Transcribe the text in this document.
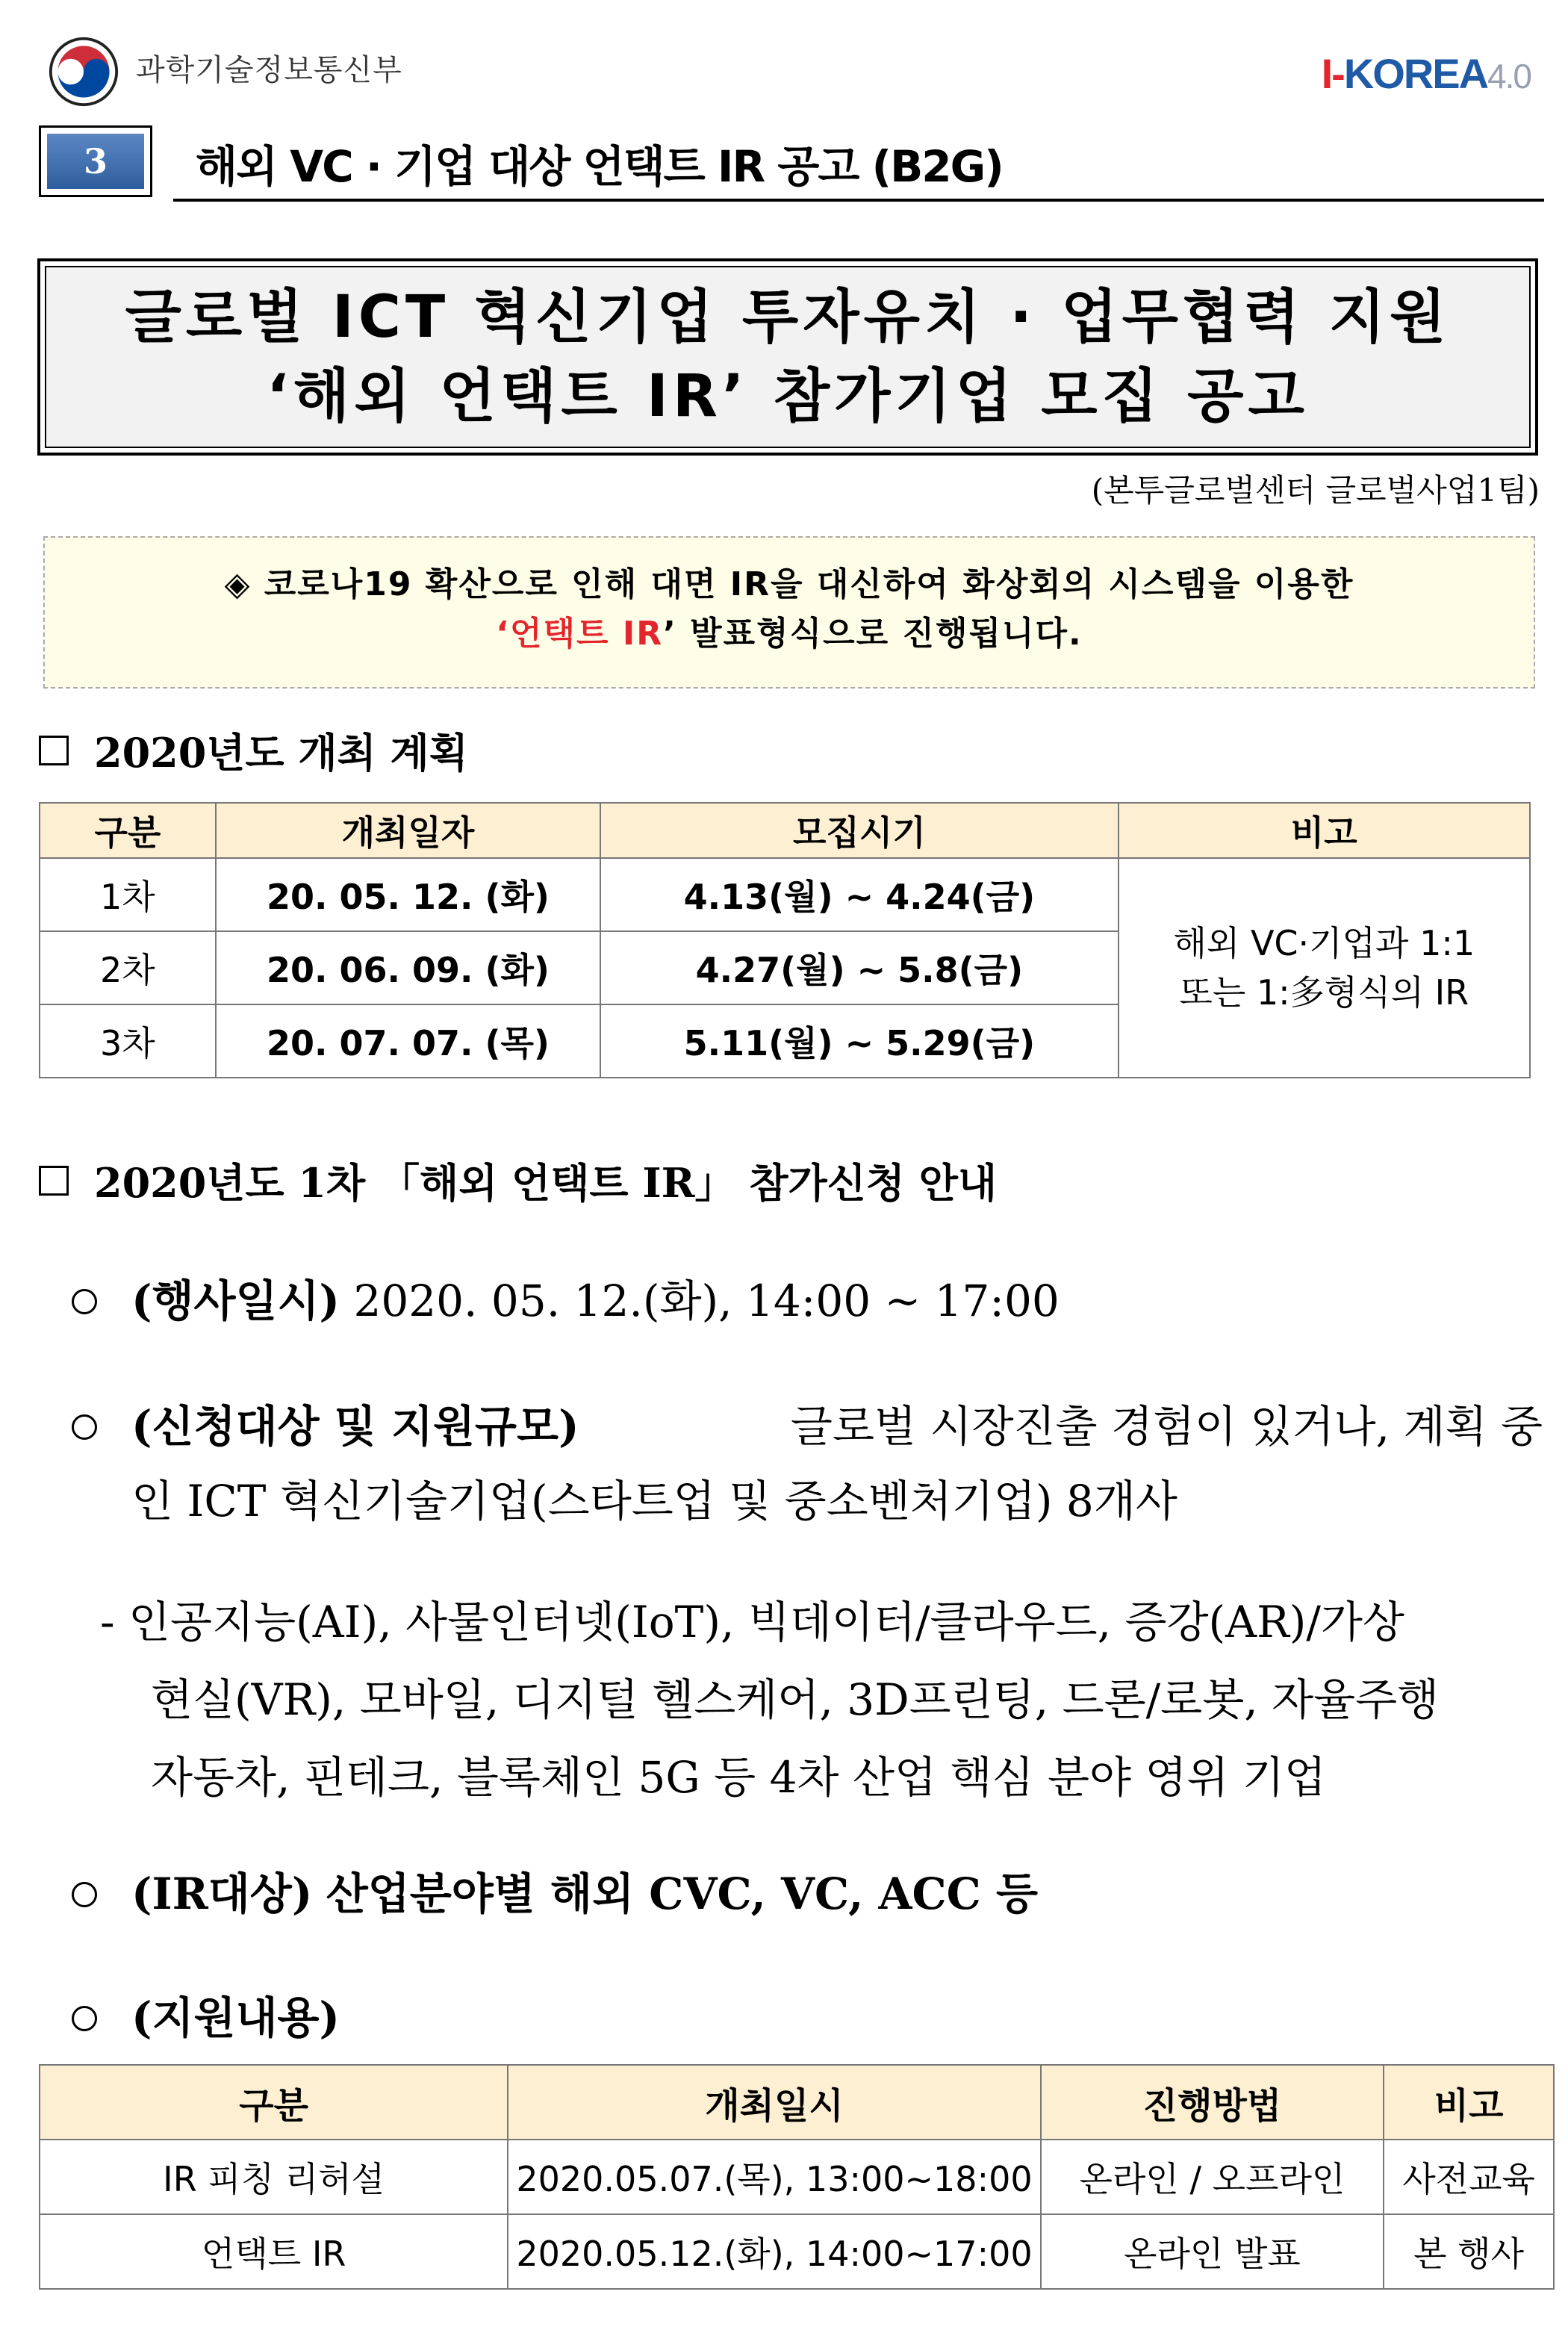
과학기술정보통신부	I-KOREA4.0
3	해외 VC · 기업 대상 언택트 IR 공고 (B2G)
글로벌 ICT 혁신기업 투자유치 · 업무협력 지원
‘해외 언택트 IR’ 참가기업 모집 공고
(본투글로벌센터 글로벌사업1팀)
◈ 코로나19 확산으로 인해 대면 IR을 대신하여 화상회의 시스템을 이용한
‘언택트 IR’ 발표형식으로 진행됩니다.
2020년도 개최 계획
구분	개최일자	모집시기	비고
1차	20. 05. 12. (화)	4.13(월) ~ 4.24(금)	해외 VC·기업과 1:1
또는 1:多형식의 IR

2차	20. 06. 09. (화)	4.27(월) ~ 5.8(금)	
3차	20. 07. 07. (목)	5.11(월) ~ 5.29(금)	
2020년도 1차 「해외 언택트 IR」 참가신청 안내
(행사일시) 2020. 05. 12.(화), 14:00 ~ 17:00
(신청대상 및 지원규모)	글로벌 시장진출 경험이 있거나, 계획 중
인 ICT 혁신기술기업(스타트업 및 중소벤처기업) 8개사
- 인공지능(AI), 사물인터넷(IoT), 빅데이터/클라우드, 증강(AR)/가상
현실(VR), 모바일, 디지털 헬스케어, 3D프린팅, 드론/로봇, 자율주행
자동차, 핀테크, 블록체인 5G 등 4차 산업 핵심 분야 영위 기업
(IR대상) 산업분야별 해외 CVC, VC, ACC 등
(지원내용)
구분	개최일시	진행방법	비고
IR 피칭 리허설	2020.05.07.(목), 13:00~18:00	온라인 / 오프라인	사전교육
언택트 IR	2020.05.12.(화), 14:00~17:00	온라인 발표	본 행사
